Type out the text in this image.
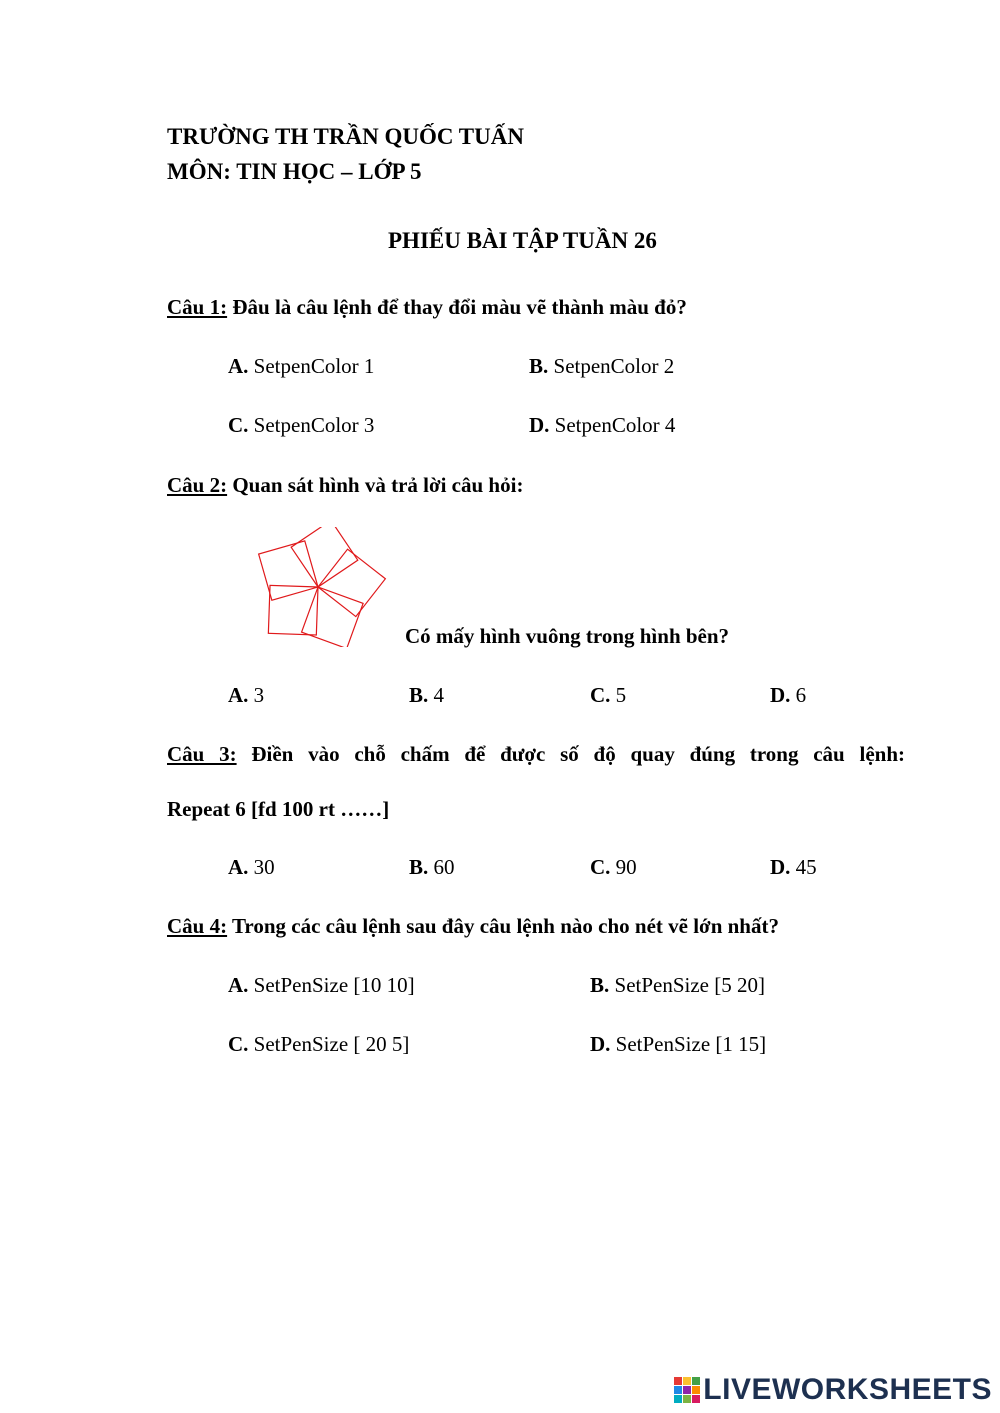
TRƯỜNG TH TRẦN QUỐC TUẤN
MÔN: TIN HỌC – LỚP 5
PHIẾU BÀI TẬP TUẦN 26
Câu 1: Đâu là câu lệnh để thay đổi màu vẽ thành màu đỏ?
A. SetpenColor 1	B. SetpenColor 2
C. SetpenColor 3	D. SetpenColor 4
Câu 2: Quan sát hình và trả lời câu hỏi:
Có mấy hình vuông trong hình bên?
A. 3	B. 4	C. 5	D. 6
Câu 3: Điền vào chỗ chấm để được số độ quay đúng trong câu lệnh:
Repeat 6 [fd 100 rt ……]
A. 30	B. 60	C. 90	D. 45
Câu 4: Trong các câu lệnh sau đây câu lệnh nào cho nét vẽ lớn nhất?
A. SetPenSize [10 10]	B. SetPenSize [5 20]
C. SetPenSize [ 20 5]	D. SetPenSize [1 15]
LIVEWORKSHEETS
